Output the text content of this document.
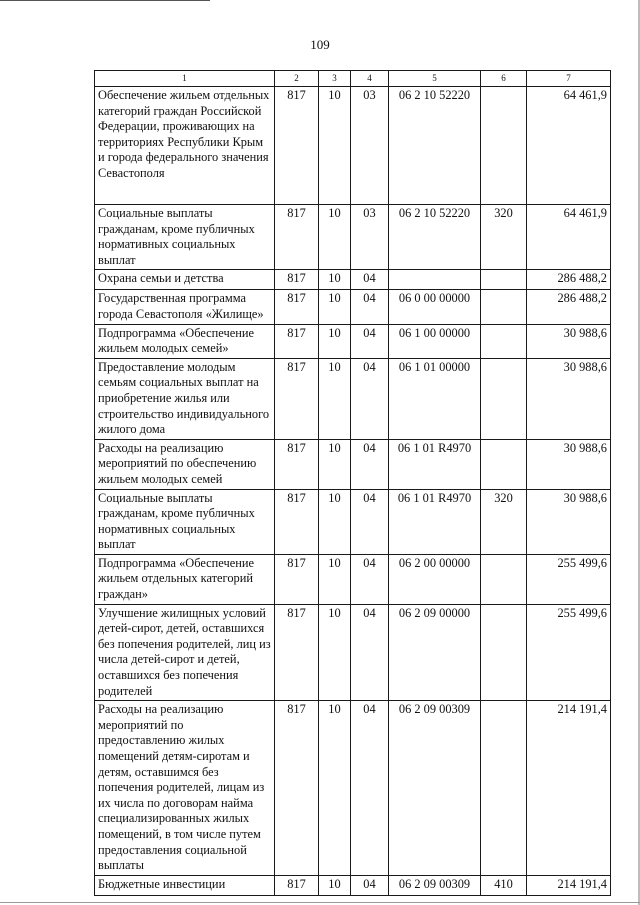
109
1	2	3	4	5	6	7
Обеспечение жильем отдельных категорий граждан Российской Федерации, проживающих на территориях Республики Крым и города федерального значения Севастополя	817	10	03	06 2 10 52220		64 461,9
Социальные выплаты гражданам, кроме публичных нормативных социальных выплат	817	10	03	06 2 10 52220	320	64 461,9
Охрана семьи и детства	817	10	04			286 488,2
Государственная программа города Севастополя «Жилище»	817	10	04	06 0 00 00000		286 488,2
Подпрограмма «Обеспечение жильем молодых семей»	817	10	04	06 1 00 00000		30 988,6
Предоставление молодым семьям социальных выплат на приобретение жилья или строительство индивидуального жилого дома	817	10	04	06 1 01 00000		30 988,6
Расходы на реализацию мероприятий по обеспечению жильем молодых семей	817	10	04	06 1 01 R4970		30 988,6
Социальные выплаты гражданам, кроме публичных нормативных социальных выплат	817	10	04	06 1 01 R4970	320	30 988,6
Подпрограмма «Обеспечение жильем отдельных категорий граждан»	817	10	04	06 2 00 00000		255 499,6
Улучшение жилищных условий детей-сирот, детей, оставшихся без попечения родителей, лиц из числа детей-сирот и детей, оставшихся без попечения родителей	817	10	04	06 2 09 00000		255 499,6
Расходы на реализацию мероприятий по предоставлению жилых помещений детям-сиротам и детям, оставшимся без попечения родителей, лицам из их числа по договорам найма специализированных жилых помещений, в том числе путем предоставления социальной выплаты	817	10	04	06 2 09 00309		214 191,4
Бюджетные инвестиции	817	10	04	06 2 09 00309	410	214 191,4
